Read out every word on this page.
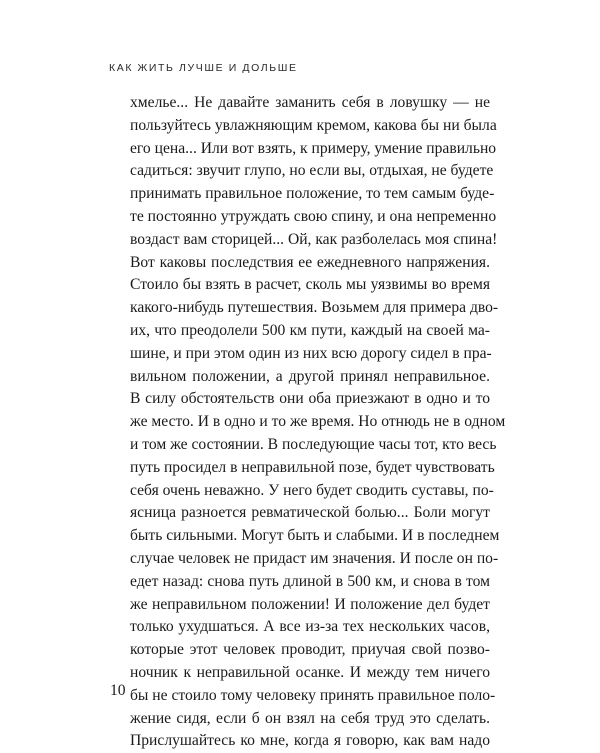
КАК ЖИТЬ ЛУЧШЕ И ДОЛЬШЕ
хмелье... Не давайте заманить себя в ловушку — не
пользуйтесь увлажняющим кремом, какова бы ни была
его цена... Или вот взять, к примеру, умение правильно
садиться: звучит глупо, но если вы, отдыхая, не будете
принимать правильное положение, то тем самым буде-
те постоянно утруждать свою спину, и она непременно
воздаст вам сторицей... Ой, как разболелась моя спина!
Вот каковы последствия ее ежедневного напряжения.
Стоило бы взять в расчет, сколь мы уязвимы во время
какого-нибудь путешествия. Возьмем для примера дво-
их, что преодолели 500 км пути, каждый на своей ма-
шине, и при этом один из них всю дорогу сидел в пра-
вильном положении, а другой принял неправильное.
В силу обстоятельств они оба приезжают в одно и то
же место. И в одно и то же время. Но отнюдь не в одном
и том же состоянии. В последующие часы тот, кто весь
путь просидел в неправильной позе, будет чувствовать
себя очень неважно. У него будет сводить суставы, по-
ясница разноется ревматической болью... Боли могут
быть сильными. Могут быть и слабыми. И в последнем
случае человек не придаст им значения. И после он по-
едет назад: снова путь длиной в 500 км, и снова в том
же неправильном положении! И положение дел будет
только ухудшаться. А все из-за тех нескольких часов,
которые этот человек проводит, приучая свой позво-
ночник к неправильной осанке. И между тем ничего
бы не стоило тому человеку принять правильное поло-
жение сидя, если б он взял на себя труд это сделать.
Прислушайтесь ко мне, когда я говорю, как вам надо
10
